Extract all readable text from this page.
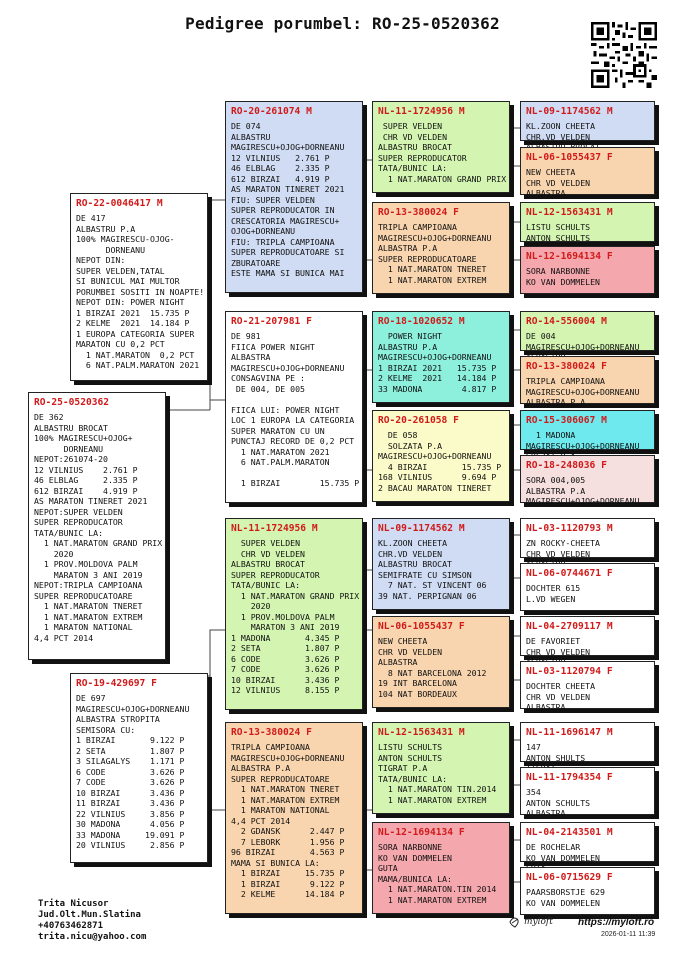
Pedigree porumbel: RO-25-0520362
RO-25-0520362
DE 362
ALBASTRU BROCAT
100% MAGIRESCU+OJOG+
DORNEANU
NEPOT:261074-20
12 VILNIUS    2.761 P
46 ELBLAG     2.335 P
612 BIRZAI    4.919 P
AS MARATON TINERET 2021
NEPOT:SUPER VELDEN
SUPER REPRODUCATOR
TATA/BUNIC LA:
1 NAT.MARATON GRAND PRIX
2020
1 PROV.MOLDOVA PALM
MARATON 3 ANI 2019
NEPOT:TRIPLA CAMPIOANA
SUPER REPRODUCATOARE
1 NAT.MARATON TNERET
1 NAT.MARATON EXTREM
1 MARATON NATIONAL
4,4 PCT 2014
RO-22-0046417 M
DE 417
ALBASTRU P.A
100% MAGIRESCU-OJOG-
DORNEANU
NEPOT DIN:
SUPER VELDEN,TATAL
SI BUNICUL MAI MULTOR
PORUMBEI SOSITI IN NOAPTE!
NEPOT DIN: POWER NIGHT
1 BIRZAI 2021  15.735 P
2 KELME  2021  14.184 P
1 EUROPA CATEGORIA SUPER
MARATON CU 0,2 PCT
1 NAT.MARATON  0,2 PCT
6 NAT.PALM.MARATON 2021
RO-19-429697 F
DE 697
MAGIRESCU+OJOG+DORNEANU
ALBASTRA STROPITA
SEMISORA CU:
1 BIRZAI       9.122 P
2 SETA         1.807 P
3 SILAGALYS    1.171 P
6 CODE         3.626 P
7 CODE         3.626 P
10 BIRZAI      3.436 P
11 BIRZAI      3.436 P
22 VILNIUS     3.856 P
30 MADONA      4.056 P
33 MADONA     19.091 P
20 VILNIUS     2.856 P
RO-20-261074 M
DE 074
ALBASTRU
MAGIRESCU+OJOG+DORNEANU
12 VILNIUS   2.761 P
46 ELBLAG    2.335 P
612 BIRZAI   4.919 P
AS MARATON TINERET 2021
FIU: SUPER VELDEN
SUPER REPRODUCATOR IN
CRESCATORIA MAGIRESCU+
OJOG+DORNEANU
FIU: TRIPLA CAMPIOANA
SUPER REPRODUCATOARE SI
ZBURATOARE
ESTE MAMA SI BUNICA MAI
RO-21-207981 F
DE 981
FIICA POWER NIGHT
ALBASTRA
MAGIRESCU+OJOG+DORNEANU
CONSAGVINA PE :
DE 004, DE 005

FIICA LUI: POWER NIGHT
LOC 1 EUROPA LA CATEGORIA
SUPER MARATON CU UN
PUNCTAJ RECORD DE 0,2 PCT
1 NAT.MARATON 2021
6 NAT.PALM.MARATON

1 BIRZAI        15.735 P
NL-11-1724956 M
SUPER VELDEN
CHR VD VELDEN
ALBASTRU BROCAT
SUPER REPRODUCATOR
TATA/BUNIC LA:
1 NAT.MARATON GRAND PRIX
2020
1 PROV.MOLDOVA PALM
MARATON 3 ANI 2019
1 MADONA       4.345 P
2 SETA         1.807 P
6 CODE         3.626 P
7 CODE         3.626 P
10 BIRZAI      3.436 P
12 VILNIUS     8.155 P
RO-13-380024 F
TRIPLA CAMPIOANA
MAGIRESCU+OJOG+DORNEANU
ALBASTRA P.A
SUPER REPRODUCATOARE
1 NAT.MARATON TNERET
1 NAT.MARATON EXTREM
1 MARATON NATIONAL
4,4 PCT 2014
2 GDANSK      2.447 P
7 LEBORK      1.956 P
96 BIRZAI       4.563 P
MAMA SI BUNICA LA:
1 BIRZAI     15.735 P
1 BIRZAI      9.122 P
2 KELME      14.184 P
NL-11-1724956 M
SUPER VELDEN
CHR VD VELDEN
ALBASTRU BROCAT
SUPER REPRODUCATOR
TATA/BUNIC LA:
1 NAT.MARATON GRAND PRIX
RO-13-380024 F
TRIPLA CAMPIOANA
MAGIRESCU+OJOG+DORNEANU
ALBASTRA P.A
SUPER REPRODUCATOARE
1 NAT.MARATON TNERET
1 NAT.MARATON EXTREM
RO-18-1020652 M
POWER NIGHT
ALBASTRU P.A
MAGIRESCU+OJOG+DORNEANU
1 BIRZAI 2021   15.735 P
2 KELME  2021   14.184 P
33 MADONA        4.817 P
RO-20-261058 F
DE 058
SOLZATA P.A
MAGIRESCU+OJOG+DORNEANU
4 BIRZAI       15.735 P
168 VILNIUS      9.694 P
2 BACAU MARATON TINERET
NL-09-1174562 M
KL.ZOON CHEETA
CHR.VD VELDEN
ALBASTRU BROCAT
SEMIFRATE CU SIMSON
7 NAT. ST VINCENT 06
39 NAT. PERPIGNAN 06
NL-06-1055437 F
NEW CHEETA
CHR VD VELDEN
ALBASTRA
8 NAT BARCELONA 2012
19 INT BARCELONA
104 NAT BORDEAUX
NL-12-1563431 M
LISTU SCHULTS
ANTON SCHULTS
TIGRAT P.A
TATA/BUNIC LA:
1 NAT.MARATON TIN.2014
1 NAT.MARATON EXTREM
NL-12-1694134 F
SORA NARBONNE
KO VAN DOMMELEN
GUTA
MAMA/BUNICA LA:
1 NAT.MARATON.TIN 2014
1 NAT.MARATON EXTREM
NL-09-1174562 M
KL.ZOON CHEETA
CHR.VD VELDEN
NL-06-1055437 F
NEW CHEETA
CHR VD VELDEN
ALBASTRA
NL-12-1563431 M
LISTU SCHULTS
ANTON SCHULTS
NL-12-1694134 F
SORA NARBONNE
KO VAN DOMMELEN
RO-14-556004 M
DE 004
MAGIRESCU+OJOG+DORNEANU
RO-13-380024 F
TRIPLA CAMPIOANA
MAGIRESCU+OJOG+DORNEANU
ALBASTRA P.A
RO-15-306067 M
1 MADONA
MAGIRESCU+OJOG+DORNEANU
RO-18-248036 F
SORA 004,005
ALBASTRA P.A
MAGIRESCU+OJOG+DORNEANU
NL-03-1120793 M
ZN ROCKY-CHEETA
CHR VD VELDEN
NL-06-0744671 F
DOCHTER 615
L.VD WEGEN
NL-04-2709117 M
DE FAVORIET
CHR VD VELDEN
NL-03-1120794 F
DOCHTER CHEETA
CHR VD VELDEN
ALBASTRA
NL-11-1696147 M
147
ANTON SHULTS
NL-11-1794354 F
354
ANTON SCHULTS
ALBASTRA
NL-04-2143501 M
DE ROCHELAR
KO VAN DOMMELEN
NL-06-0715629 F
PAARSBORSTJE 629
KO VAN DOMMELEN
Trita Nicusor
Jud.Olt.Mun.Slatina
+40763462871
trita.nicu@yahoo.com
myloft	https://myloft.ro
2026-01-11 11:39
